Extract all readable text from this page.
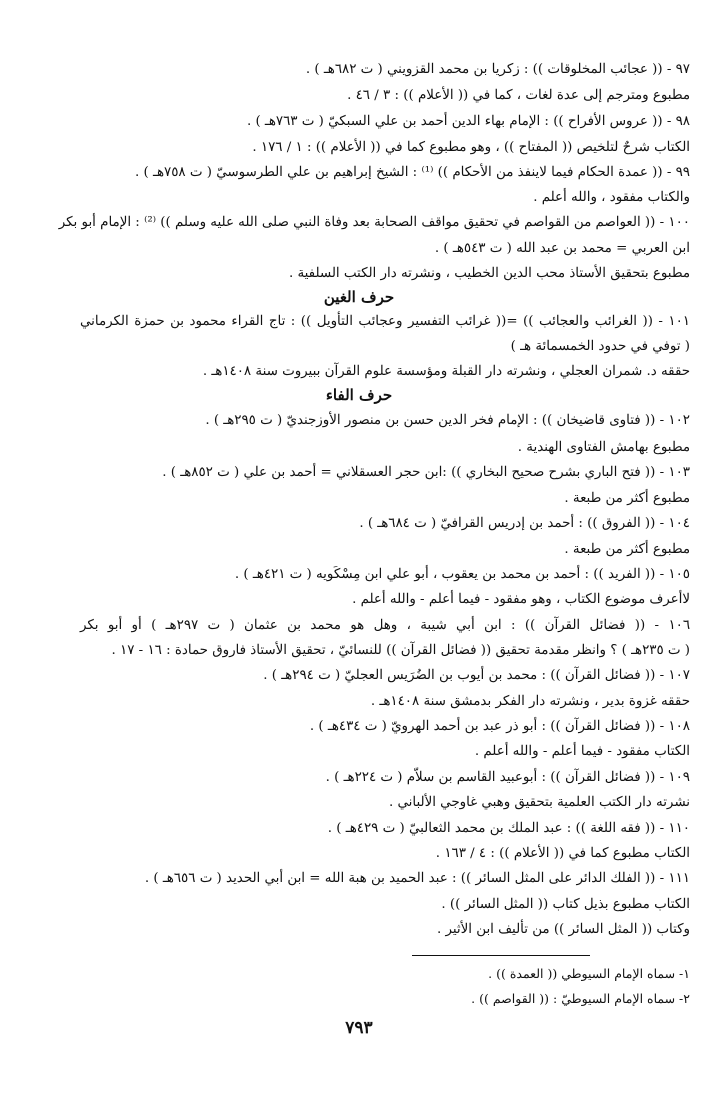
٩٧ - (( عجائب المخلوقات )) : زكريا بن محمد القزويني ( ت ٦٨٢هـ ) .
مطبوع ومترجم إلى عدة لغات ، كما في (( الأعلام )) : ٣ / ٤٦ .
٩٨ - (( عروس الأفراح )) : الإمام بهاء الدين أحمد بن علي السبكيّ ( ت ٧٦٣هـ ) .
الكتاب شرحٌ لتلخيص (( المفتاح )) ، وهو مطبوع كما في (( الأعلام )) : ١ / ١٧٦ .
٩٩ - (( عمدة الحكام فيما لاينفذ من الأحكام )) ⁽¹⁾ : الشيخ إبراهيم بن علي الطرسوسيّ ( ت ٧٥٨هـ ) .
والكتاب مفقود ، والله أعلم .
١٠٠ - (( العواصم من القواصم في تحقيق مواقف الصحابة بعد وفاة النبي صلى الله عليه وسلم )) ⁽²⁾ : الإمام أبو بكر
ابن العربي = محمد بن عبد الله ( ت ٥٤٣هـ ) .
مطبوع بتحقيق الأستاذ محب الدين الخطيب ، ونشرته دار الكتب السلفية .
حرف الغين
١٠١ - (( الغرائب والعجائب )) =(( غرائب التفسير وعجائب التأويل )) : تاج القراء محمود بن حمزة الكرماني
( توفي في حدود الخمسمائة هـ )
حققه د. شمران العجلي ، ونشرته دار القبلة ومؤسسة علوم القرآن ببيروت سنة ١٤٠٨هـ .
حرف الفاء
١٠٢ - (( فتاوى قاضيخان )) : الإمام فخر الدين حسن بن منصور الأوزجنديّ ( ت ٢٩٥هـ ) .
مطبوع بهامش الفتاوى الهندية .
١٠٣ - (( فتح الباري بشرح صحيح البخاري )) :ابن حجر العسقلاني = أحمد بن علي ( ت ٨٥٢هـ ) .
مطبوع أكثر من طبعة .
١٠٤ - (( الفروق )) : أحمد بن إدريس القرافيّ ( ت ٦٨٤هـ ) .
مطبوع أكثر من طبعة .
١٠٥ - (( الفريد )) : أحمد بن محمد بن يعقوب ، أبو علي ابن مِسْكَويه ( ت ٤٢١هـ ) .
لاأعرف موضوع الكتاب ، وهو مفقود - فيما أعلم - والله أعلم .
١٠٦ - (( فضائل القرآن )) : ابن أبي شيبة ، وهل هو محمد بن عثمان ( ت ٢٩٧هـ ) أو أبو بكر
( ت ٢٣٥هـ ) ؟ وانظر مقدمة تحقيق (( فضائل القرآن )) للنسائيّ ، تحقيق الأستاذ فاروق حمادة : ١٦ - ١٧ .
١٠٧ - (( فضائل القرآن )) : محمد بن أيوب بن الضُرَيس العجليّ ( ت ٢٩٤هـ ) .
حققه غزوة بدير ، ونشرته دار الفكر بدمشق سنة ١٤٠٨هـ .
١٠٨ - (( فضائل القرآن )) : أبو ذر عبد بن أحمد الهرويّ ( ت ٤٣٤هـ ) .
الكتاب مفقود - فيما أعلم - والله أعلم .
١٠٩ - (( فضائل القرآن )) : أبوعبيد القاسم بن سلاّم ( ت ٢٢٤هـ ) .
نشرته دار الكتب العلمية بتحقيق وهبي غاوجي الألباني .
١١٠ - (( فقه اللغة )) : عبد الملك بن محمد الثعالبيّ ( ت ٤٢٩هـ ) .
الكتاب مطبوع كما في (( الأعلام )) : ٤ / ١٦٣ .
١١١ - (( الفلك الدائر على المثل السائر )) : عبد الحميد بن هبة الله = ابن أبي الحديد ( ت ٦٥٦هـ ) .
الكتاب مطبوع بذيل كتاب (( المثل السائر )) .
وكتاب (( المثل السائر )) من تأليف ابن الأثير .
١- سماه الإمام السيوطي (( العمدة )) .
٢- سماه الإمام السيوطيّ : (( القواصم )) .
٧٩٣
